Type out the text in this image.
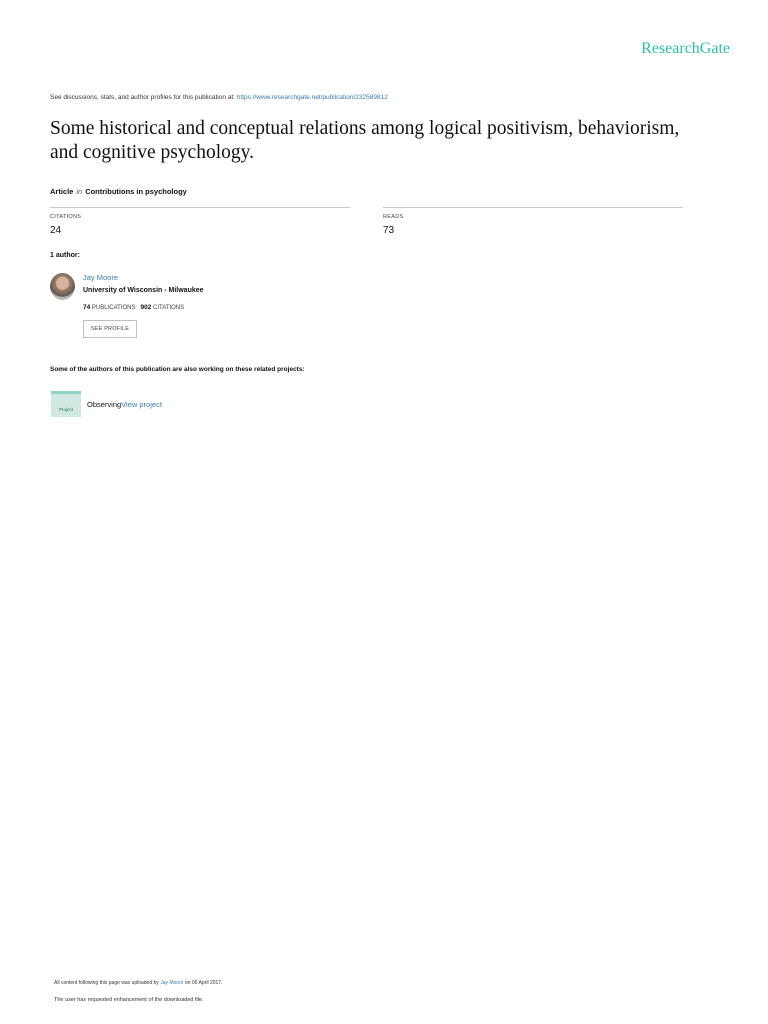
ResearchGate
See discussions, stats, and author profiles for this publication at: https://www.researchgate.net/publication/232589812
Some historical and conceptual relations among logical positivism, behaviorism, and cognitive psychology.
Article in Contributions in psychology
CITATIONS
24
READS
73
1 author:
Jay Moore
University of Wisconsin - Milwaukee
74 PUBLICATIONS 902 CITATIONS
SEE PROFILE
Some of the authors of this publication are also working on these related projects:
Project
ObservingView project
All content following this page was uploaded by Jay Moore on 06 April 2017.
The user has requested enhancement of the downloaded file.
